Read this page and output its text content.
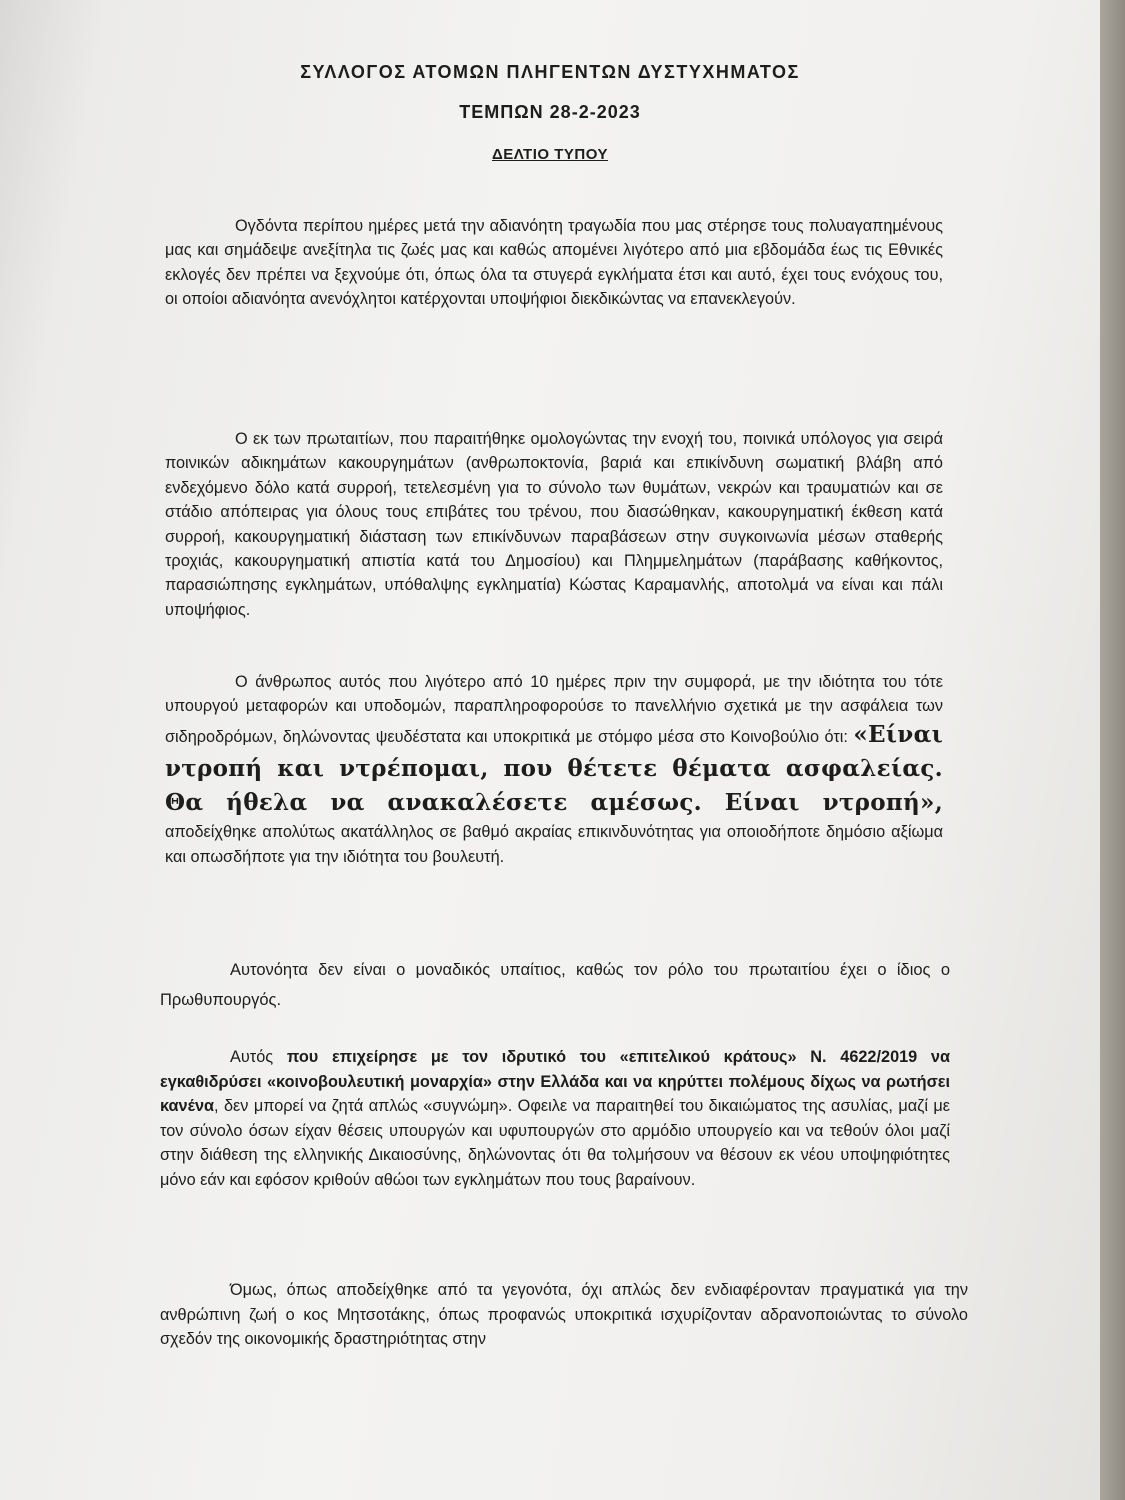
ΣΥΛΛΟΓΟΣ ΑΤΟΜΩΝ ΠΛΗΓΕΝΤΩΝ ΔΥΣΤΥΧΗΜΑΤΟΣ
ΤΕΜΠΩΝ 28-2-2023
ΔΕΛΤΙΟ ΤΥΠΟΥ

Ογδόντα περίπου ημέρες μετά την αδιανόητη τραγωδία που μας στέρησε τους πολυαγαπημένους μας και σημάδεψε ανεξίτηλα τις ζωές μας και καθώς απομένει λιγότερο από μια εβδομάδα έως τις Εθνικές εκλογές δεν πρέπει να ξεχνούμε ότι, όπως όλα τα στυγερά εγκλήματα έτσι και αυτό, έχει τους ενόχους του, οι οποίοι αδιανόητα ανενόχλητοι κατέρχονται υποψήφιοι διεκδικώντας να επανεκλεγούν.

Ο εκ των πρωταιτίων, που παραιτήθηκε ομολογώντας την ενοχή του, ποινικά υπόλογος για σειρά ποινικών αδικημάτων κακουργημάτων (ανθρωποκτονία, βαριά και επικίνδυνη σωματική βλάβη από ενδεχόμενο δόλο κατά συρροή, τετελεσμένη για το σύνολο των θυμάτων, νεκρών και τραυματιών και σε στάδιο απόπειρας για όλους τους επιβάτες του τρένου, που διασώθηκαν, κακουργηματική έκθεση κατά συρροή, κακουργηματική διάσταση των επικίνδυνων παραβάσεων στην συγκοινωνία μέσων σταθερής τροχιάς, κακουργηματική απιστία κατά του Δημοσίου) και Πλημμελημάτων (παράβασης καθήκοντος, παρασιώπησης εγκλημάτων, υπόθαλψης εγκληματία) Κώστας Καραμανλής, αποτολμά να είναι και πάλι υποψήφιος.

Ο άνθρωπος αυτός που λιγότερο από 10 ημέρες πριν την συμφορά, με την ιδιότητα του τότε υπουργού μεταφορών και υποδομών, παραπληροφορούσε το πανελλήνιο σχετικά με την ασφάλεια των σιδηροδρόμων, δηλώνοντας ψευδέστατα και υποκριτικά με στόμφο μέσα στο Κοινοβούλιο ότι: «Είναι ντροπή και ντρέπομαι, που θέτετε θέματα ασφαλείας. Θα ήθελα να ανακαλέσετε αμέσως. Είναι ντροπή», αποδείχθηκε απολύτως ακατάλληλος σε βαθμό ακραίας επικινδυνότητας για οποιοδήποτε δημόσιο αξίωμα και οπωσδήποτε για την ιδιότητα του βουλευτή.

Αυτονόητα δεν είναι ο μοναδικός υπαίτιος, καθώς τον ρόλο του πρωταιτίου έχει ο ίδιος ο Πρωθυπουργός.

Αυτός που επιχείρησε με τον ιδρυτικό του «επιτελικού κράτους» Ν. 4622/2019 να εγκαθιδρύσει «κοινοβουλευτική μοναρχία» στην Ελλάδα και να κηρύττει πολέμους δίχως να ρωτήσει κανένα, δεν μπορεί να ζητά απλώς «συγνώμη». Οφειλε να παραιτηθεί του δικαιώματος της ασυλίας, μαζί με τον σύνολο όσων είχαν θέσεις υπουργών και υφυπουργών στο αρμόδιο υπουργείο και να τεθούν όλοι μαζί στην διάθεση της ελληνικής Δικαιοσύνης, δηλώνοντας ότι θα τολμήσουν να θέσουν εκ νέου υποψηφιότητες μόνο εάν και εφόσον κριθούν αθώοι των εγκλημάτων που τους βαραίνουν.

Όμως, όπως αποδείχθηκε από τα γεγονότα, όχι απλώς δεν ενδιαφέρονταν πραγματικά για την ανθρώπινη ζωή ο κος Μητσοτάκης, όπως προφανώς υποκριτικά ισχυρίζονταν αδρανοποιώντας το σύνολο σχεδόν της οικονομικής δραστηριότητας στην
